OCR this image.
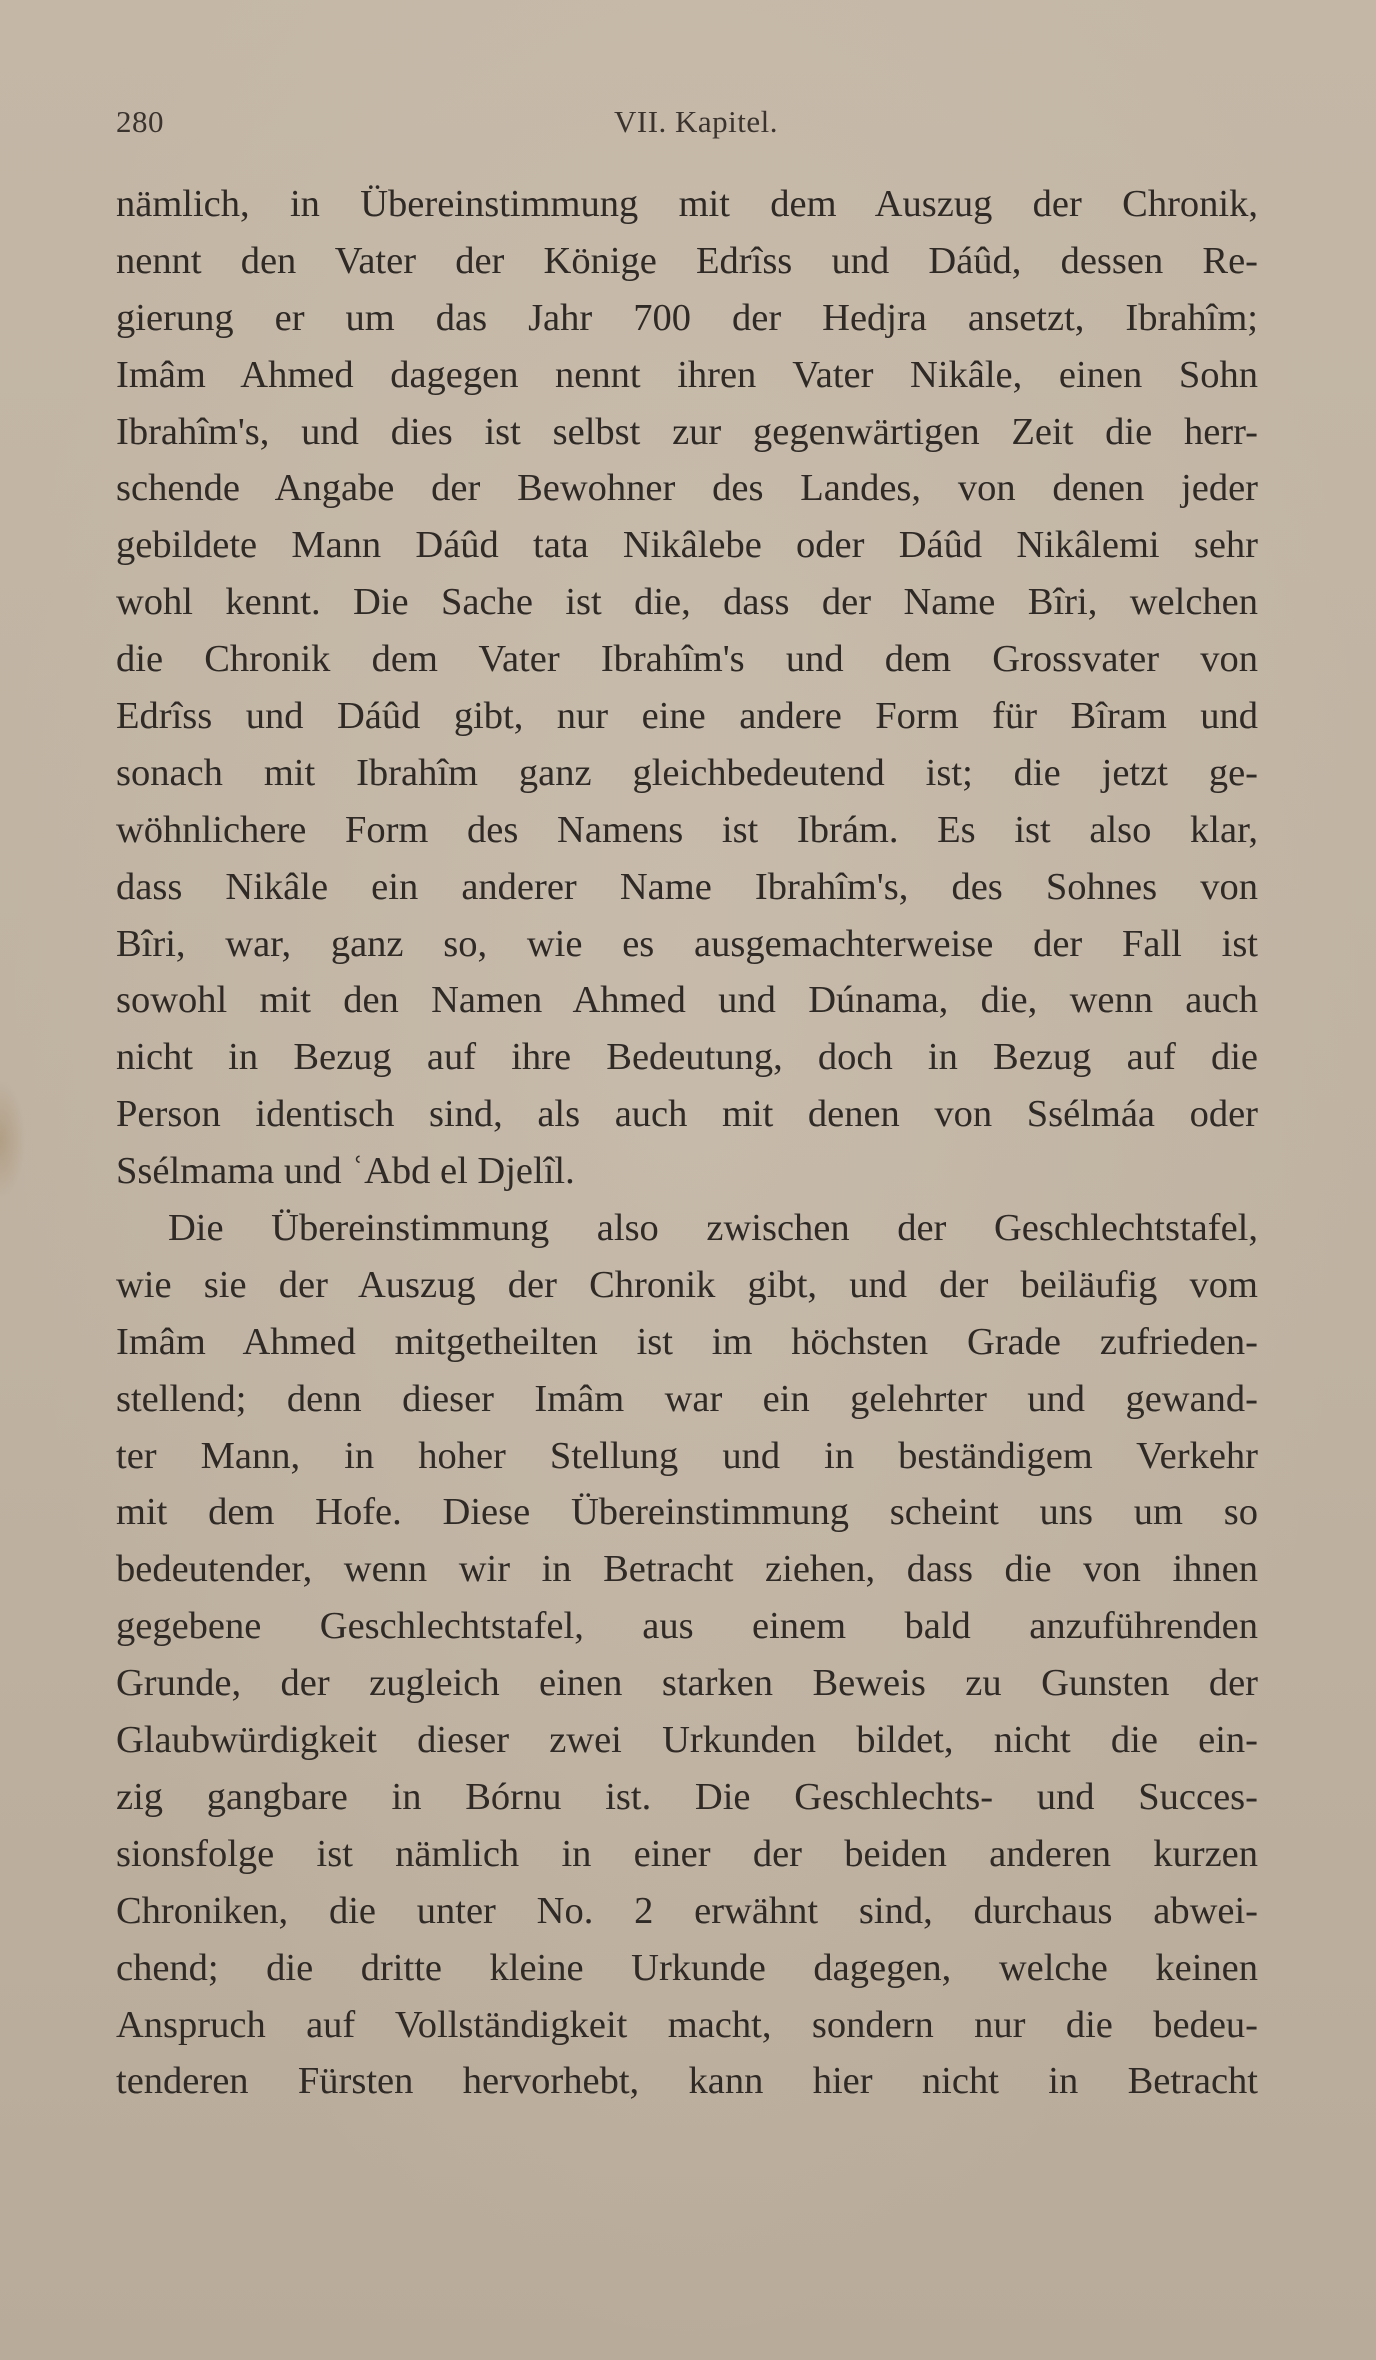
280	VII. Kapitel.
nämlich, in Übereinstimmung mit dem Auszug der Chronik,
nennt den Vater der Könige Edrîss und Dáûd, dessen Re-
gierung er um das Jahr 700 der Hedjra ansetzt, Ibrahîm;
Imâm Ahmed dagegen nennt ihren Vater Nikâle, einen Sohn
Ibrahîm's, und dies ist selbst zur gegenwärtigen Zeit die herr-
schende Angabe der Bewohner des Landes, von denen jeder
gebildete Mann Dáûd tata Nikâlebe oder Dáûd Nikâlemi sehr
wohl kennt. Die Sache ist die, dass der Name Bîri, welchen
die Chronik dem Vater Ibrahîm's und dem Grossvater von
Edrîss und Dáûd gibt, nur eine andere Form für Bîram und
sonach mit Ibrahîm ganz gleichbedeutend ist; die jetzt ge-
wöhnlichere Form des Namens ist Ibrám. Es ist also klar,
dass Nikâle ein anderer Name Ibrahîm's, des Sohnes von
Bîri, war, ganz so, wie es ausgemachterweise der Fall ist
sowohl mit den Namen Ahmed und Dúnama, die, wenn auch
nicht in Bezug auf ihre Bedeutung, doch in Bezug auf die
Person identisch sind, als auch mit denen von Ssélmáa oder
Ssélmama und ʿAbd el Djelîl.
Die Übereinstimmung also zwischen der Geschlechtstafel,
wie sie der Auszug der Chronik gibt, und der beiläufig vom
Imâm Ahmed mitgetheilten ist im höchsten Grade zufrieden-
stellend; denn dieser Imâm war ein gelehrter und gewand-
ter Mann, in hoher Stellung und in beständigem Verkehr
mit dem Hofe. Diese Übereinstimmung scheint uns um so
bedeutender, wenn wir in Betracht ziehen, dass die von ihnen
gegebene Geschlechtstafel, aus einem bald anzuführenden
Grunde, der zugleich einen starken Beweis zu Gunsten der
Glaubwürdigkeit dieser zwei Urkunden bildet, nicht die ein-
zig gangbare in Bórnu ist. Die Geschlechts- und Succes-
sionsfolge ist nämlich in einer der beiden anderen kurzen
Chroniken, die unter No. 2 erwähnt sind, durchaus abwei-
chend; die dritte kleine Urkunde dagegen, welche keinen
Anspruch auf Vollständigkeit macht, sondern nur die bedeu-
tenderen Fürsten hervorhebt, kann hier nicht in Betracht
